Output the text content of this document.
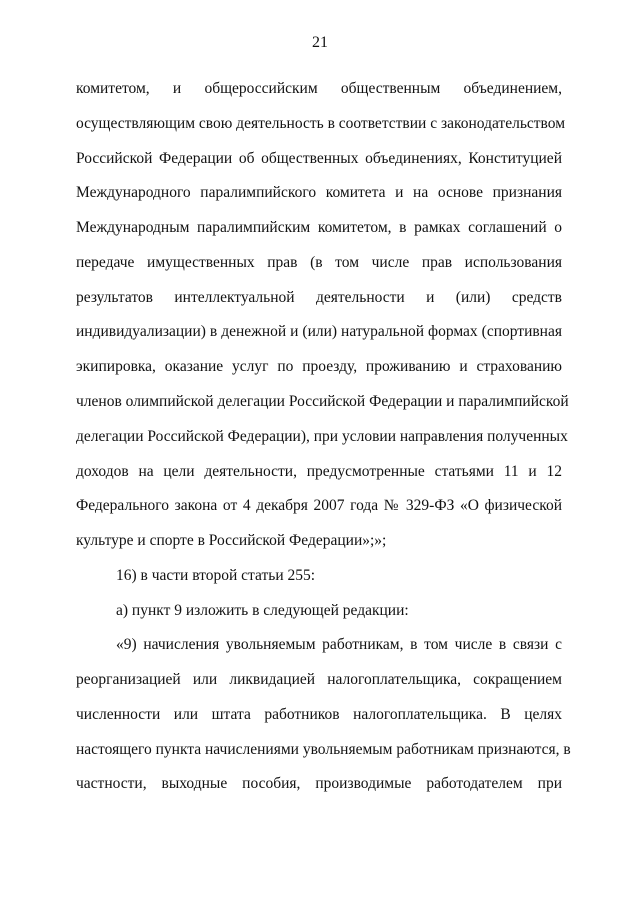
21
комитетом, и общероссийским общественным объединением,
осуществляющим свою деятельность в соответствии с законодательством
Российской Федерации об общественных объединениях, Конституцией
Международного паралимпийского комитета и на основе признания
Международным паралимпийским комитетом, в рамках соглашений о
передаче имущественных прав (в том числе прав использования
результатов интеллектуальной деятельности и (или) средств
индивидуализации) в денежной и (или) натуральной формах (спортивная
экипировка, оказание услуг по проезду, проживанию и страхованию
членов олимпийской делегации Российской Федерации и паралимпийской
делегации Российской Федерации), при условии направления полученных
доходов на цели деятельности, предусмотренные статьями 11 и 12
Федерального закона от 4 декабря 2007 года № 329-ФЗ «О физической
культуре и спорте в Российской Федерации»;»;
16) в части второй статьи 255:
а) пункт 9 изложить в следующей редакции:
«9) начисления увольняемым работникам, в том числе в связи с
реорганизацией или ликвидацией налогоплательщика, сокращением
численности или штата работников налогоплательщика. В целях
настоящего пункта начислениями увольняемым работникам признаются, в
частности, выходные пособия, производимые работодателем при
